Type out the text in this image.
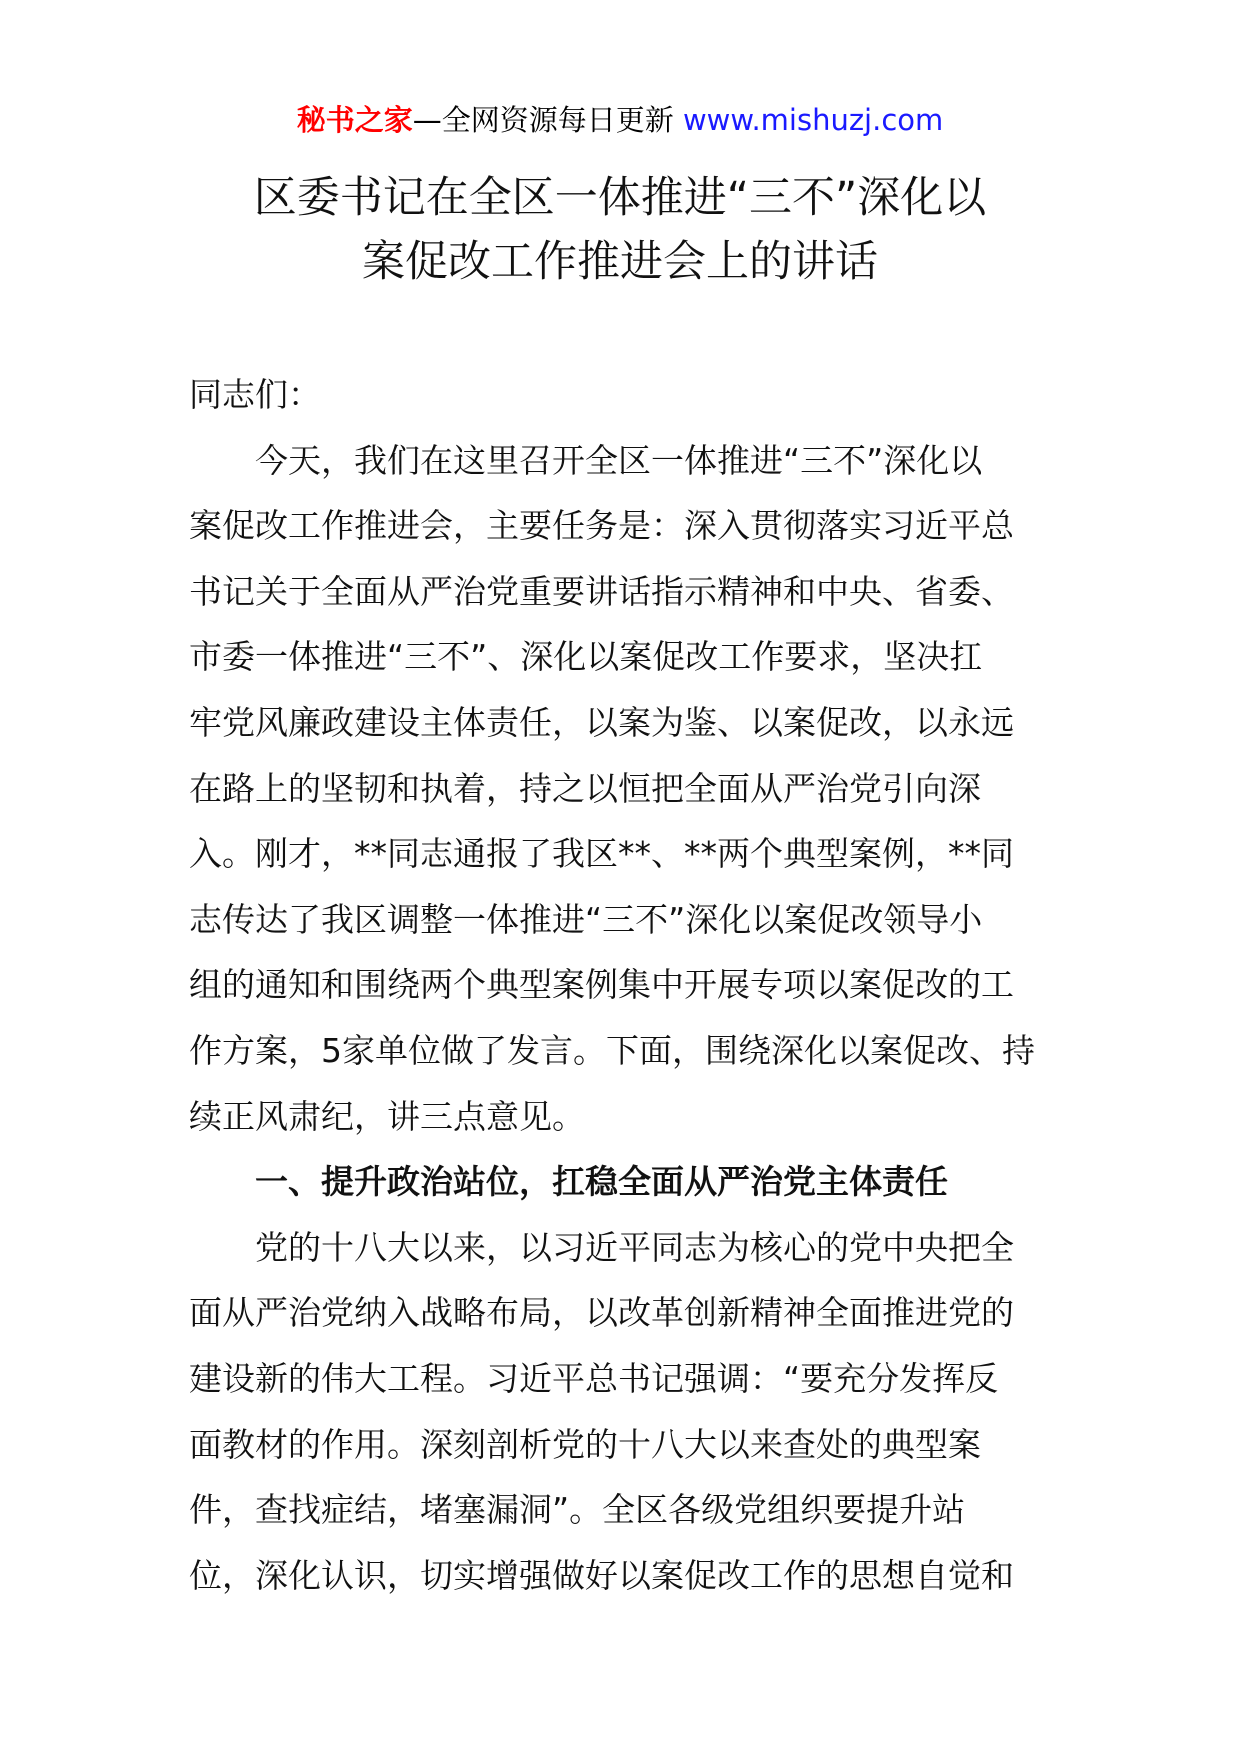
秘书之家—全网资源每日更新 www.mishuzj.com
区委书记在全区一体推进“三不”深化以
案促改工作推进会上的讲话
同志们：
今天，我们在这里召开全区一体推进“三不”深化以
案促改工作推进会，主要任务是：深入贯彻落实习近平总
书记关于全面从严治党重要讲话指示精神和中央、省委、
市委一体推进“三不”、深化以案促改工作要求，坚决扛
牢党风廉政建设主体责任，以案为鉴、以案促改，以永远
在路上的坚韧和执着，持之以恒把全面从严治党引向深
入。刚才，**同志通报了我区**、**两个典型案例，**同
志传达了我区调整一体推进“三不”深化以案促改领导小
组的通知和围绕两个典型案例集中开展专项以案促改的工
作方案，5家单位做了发言。下面，围绕深化以案促改、持
续正风肃纪，讲三点意见。
一、提升政治站位，扛稳全面从严治党主体责任
党的十八大以来，以习近平同志为核心的党中央把全
面从严治党纳入战略布局，以改革创新精神全面推进党的
建设新的伟大工程。习近平总书记强调：“要充分发挥反
面教材的作用。深刻剖析党的十八大以来查处的典型案
件，查找症结，堵塞漏洞”。全区各级党组织要提升站
位，深化认识，切实增强做好以案促改工作的思想自觉和
